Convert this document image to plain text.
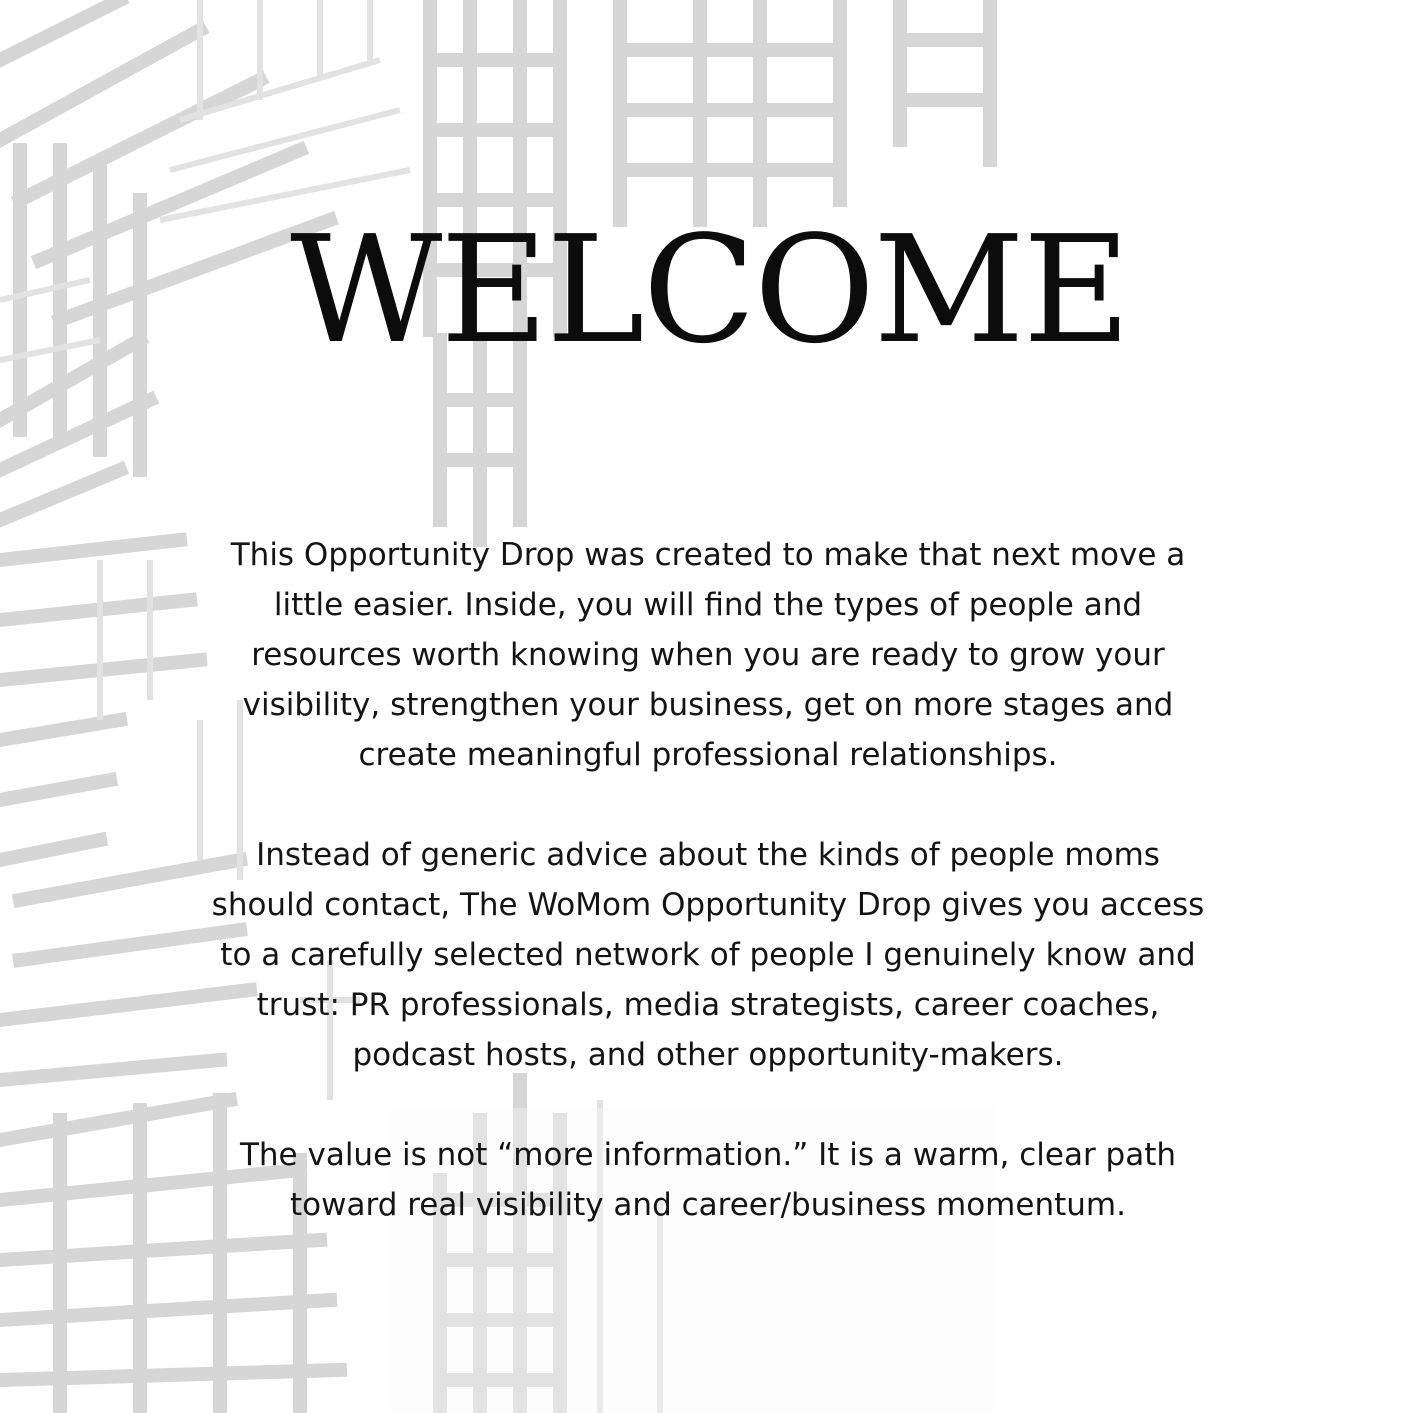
WELCOME

This Opportunity Drop was created to make that next move a little easier. Inside, you will find the types of people and resources worth knowing when you are ready to grow your visibility, strengthen your business, get on more stages and create meaningful professional relationships.

Instead of generic advice about the kinds of people moms should contact, The WoMom Opportunity Drop gives you access to a carefully selected network of people I genuinely know and trust: PR professionals, media strategists, career coaches, podcast hosts, and other opportunity-makers.

The value is not “more information.” It is a warm, clear path toward real visibility and career/business momentum.
